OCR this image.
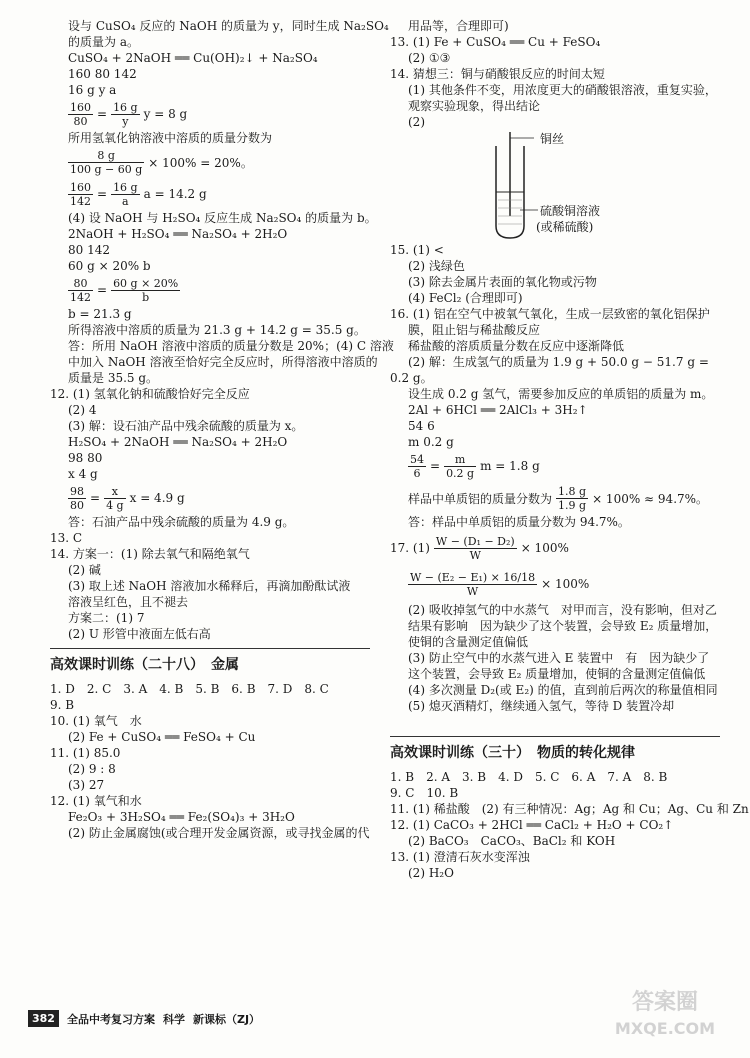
设与 CuSO₄ 反应的 NaOH 的质量为 y，同时生成 Na₂SO₄
的质量为 a。
CuSO₄ + 2NaOH ══ Cu(OH)₂↓ + Na₂SO₄
160 80 142
16 g y a
$\frac{160}{80} = \frac{16 g}{y}$ y = 8 g
所用氢氧化钠溶液中溶质的质量分数为
$\frac{8 g}{100 g - 60 g} \times 100\% = 20\%$。
$\frac{160}{142} = \frac{16 g}{a}$ a = 14.2 g
(4) 设 NaOH 与 H₂SO₄ 反应生成 Na₂SO₄ 的质量为 b。
2NaOH + H₂SO₄ ══ Na₂SO₄ + 2H₂O
80 142
60 g × 20% b
$\frac{80}{142} = \frac{60 g \times 20\%}{b}$
b = 21.3 g
所得溶液中溶质的质量为 21.3 g + 14.2 g = 35.5 g。
答：所用 NaOH 溶液中溶质的质量分数是 20%；(4) C 溶液
中加入 NaOH 溶液至恰好完全反应时，所得溶液中溶质的
质量是 35.5 g。
12. (1) 氢氧化钠和硫酸恰好完全反应
(2) 4
(3) 解：设石油产品中残余硫酸的质量为 x。
H₂SO₄ + 2NaOH ══ Na₂SO₄ + 2H₂O
98 80
x 4 g
$\frac{98}{80} = \frac{x}{4 g}$ x = 4.9 g
答：石油产品中残余硫酸的质量为 4.9 g。
13. C
14. 方案一：(1) 除去氧气和隔绝氧气
(2) 碱
(3) 取上述 NaOH 溶液加水稀释后，再滴加酚酞试液
溶液呈红色，且不褪去
方案二：(1) 7
(2) U 形管中液面左低右高
高效课时训练（二十八）　金属
1. D　2. C　3. A　4. B　5. B　6. B　7. D　8. C
9. B
10. (1) 氧气　水
(2) Fe + CuSO₄ ══ FeSO₄ + Cu
11. (1) 85.0
(2) 9 : 8
(3) 27
12. (1) 氧气和水
Fe₂O₃ + 3H₂SO₄ ══ Fe₂(SO₄)₃ + 3H₂O
(2) 防止金属腐蚀(或合理开发金属资源，或寻找金属的代
用品等，合理即可)
13. (1) Fe + CuSO₄ ══ Cu + FeSO₄
(2) ①③
14. 猜想三：铜与硝酸银反应的时间太短
(1) 其他条件不变，用浓度更大的硝酸银溶液，重复实验，
观察实验现象，得出结论
(2)
铜丝
硫酸铜溶液
(或稀硫酸)
15. (1) <
(2) 浅绿色
(3) 除去金属片表面的氧化物或污物
(4) FeCl₂ (合理即可)
16. (1) 铝在空气中被氧气氧化，生成一层致密的氧化铝保护
膜，阻止铝与稀盐酸反应
稀盐酸的溶质质量分数在反应中逐渐降低
(2) 解：生成氢气的质量为 1.9 g + 50.0 g − 51.7 g =
0.2 g。
设生成 0.2 g 氢气，需要参加反应的单质铝的质量为 m。
2Al + 6HCl ══ 2AlCl₃ + 3H₂↑
54 6
m 0.2 g
$\frac{54}{6} = \frac{m}{0.2 g}$ m = 1.8 g
样品中单质铝的质量分数为 $\frac{1.8 g}{1.9 g} \times 100\% \approx 94.7\%$。
答：样品中单质铝的质量分数为 94.7%。
17. $(1) \frac{\text{W − (D₁ − D₂)}}{W} \times 100\%$
$\frac{\text{W − (E₂ − E₁) × 16/18}}{W} \times 100\%$
(2) 吸收掉氢气的中水蒸气　对甲而言，没有影响，但对乙
结果有影响　因为缺少了这个装置，会导致 E₂ 质量增加，
使铜的含量测定值偏低
(3) 防止空气中的水蒸气进入 E 装置中　有　因为缺少了
这个装置，会导致 E₂ 质量增加，使铜的含量测定值偏低
(4) 多次测量 D₂(或 E₂) 的值，直到前后两次的称量值相同
(5) 熄灭酒精灯，继续通入氢气，等待 D 装置冷却
高效课时训练（三十）　物质的转化规律
1. B　2. A　3. B　4. D　5. C　6. A　7. A　8. B
9. C　10. B
11. (1) 稀盐酸　(2) 有三种情况：Ag；Ag 和 Cu；Ag、Cu 和 Zn
12. (1) CaCO₃ + 2HCl ══ CaCl₂ + H₂O + CO₂↑
(2) BaCO₃　CaCO₃、BaCl₂ 和 KOH
13. (1) 澄清石灰水变浑浊
(2) H₂O
382	全品中考复习方案 科学 新课标（ZJ）
答案圈
MXQE.COM
